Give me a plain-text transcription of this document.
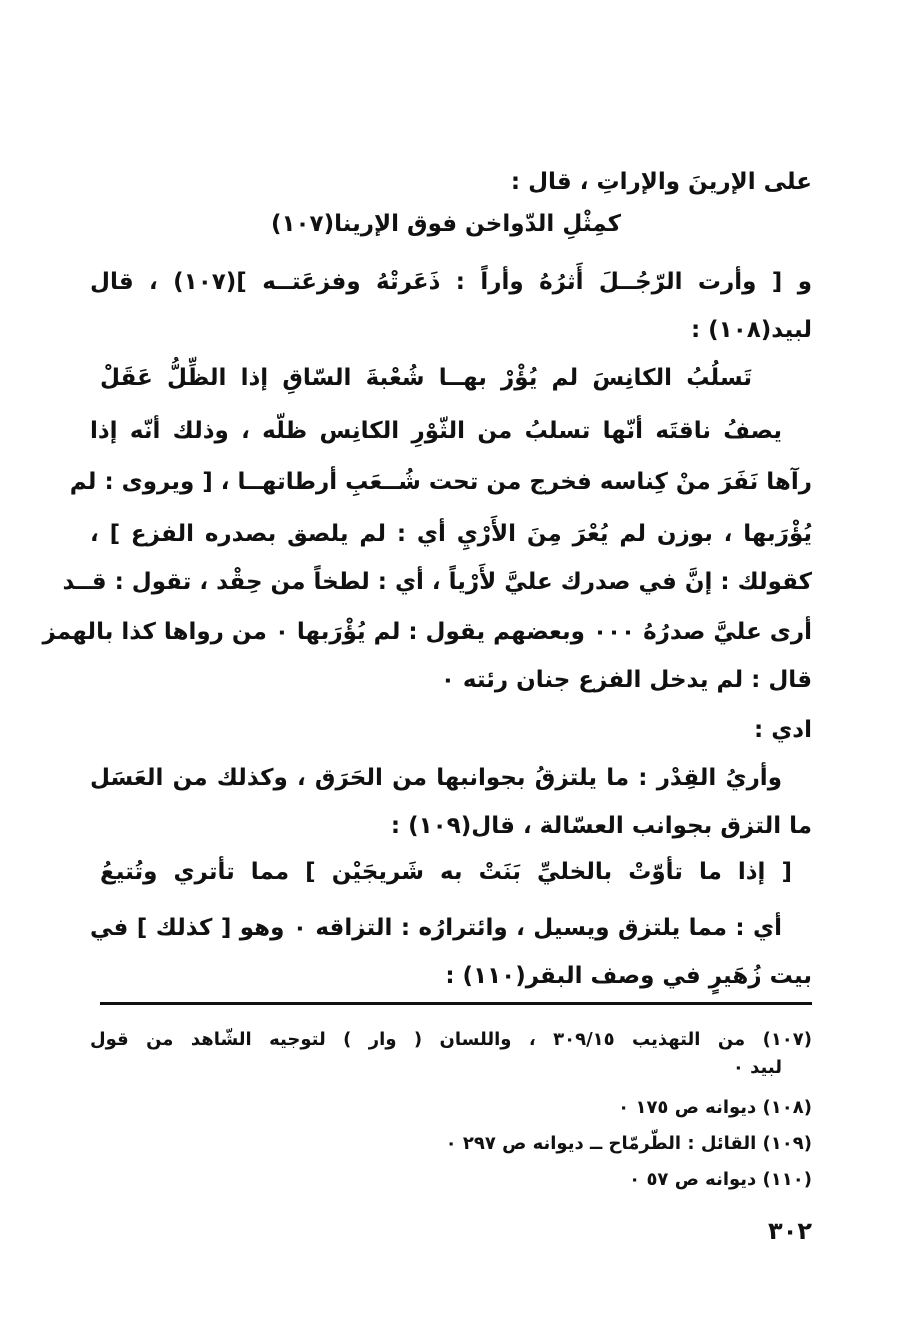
على الإرينَ والإراتِ ، قال :
كمِثْلِ الدّواخن فوق الإرينا(١٠٧)
و [ وأرت الرّجُــلَ أَثرُهُ وأراً : ذَعَرتْهُ وفزعَتــه ](١٠٧) ، قال
لبيد(١٠٨) :
تَسلُبُ الكانِسَ لم يُؤْرْ بهــا شُعْبةَ السّاقِ إذا الظِّلُّ عَقَلْ
يصفُ ناقتَه أنّها تسلبُ من الثّوْرِ الكانِس ظلّه ، وذلك أنّه إذا
رآها نَفَرَ منْ كِناسه فخرج من تحت شُــعَبِ أرطاتهــا ، [ ويروى : لم
يُؤْرَبها ، بوزن لم يُعْرَ مِنَ الأَرْيِ أي : لم يلصق بصدره الفزع ] ،
كقولك : إنَّ في صدرك عليَّ لأَرْياً ، أي : لطخاً من حِقْد ، تقول : قــد
أرى عليَّ صدرُهُ ٠٠٠ وبعضهم يقول : لم يُؤْرَبها ٠ من رواها كذا بالهمز
قال : لم يدخل الفزع جنان رئته ٠
ادي :
وأريُ القِدْر : ما يلتزقُ بجوانبها من الحَرَق ، وكذلك من العَسَل
ما التزق بجوانب العسّالة ، قال(١٠٩) :
[ إذا ما تأوّتْ بالخليِّ بَنَتْ به شَريجَيْن ] مما تأتري وتُتيعُ
أي : مما يلتزق ويسيل ، وائترارُه : التزاقه ٠ وهو [ كذلك ] في
بيت زُهَيرٍ في وصف البقر(١١٠) :
(١٠٧) من التهذيب ٣٠٩/١٥ ، واللسان ( وار ) لتوجيه الشّاهد من قول
لبيد ٠
(١٠٨) ديوانه ص ١٧٥ ٠
(١٠٩) القائل : الطّرمّاح ــ ديوانه ص ٢٩٧ ٠
(١١٠) ديوانه ص ٥٧ ٠
٣٠٢
